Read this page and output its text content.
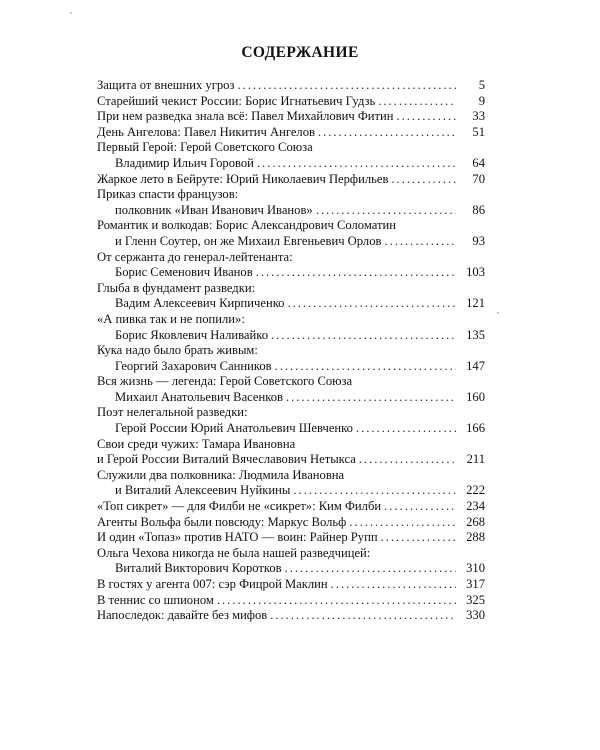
СОДЕРЖАНИЕ
Защита от внешних угроз .....	5
Старейший чекист России: Борис Игнатьевич Гудзь .....	9
При нем разведка знала всё: Павел Михайлович Фитин .....	33
День Ангелова: Павел Никитич Ангелов .....	51
Первый Герой: Герой Советского Союза
Владимир Ильич Горовой .....	64
Жаркое лето в Бейруте: Юрий Николаевич Перфильев .....	70
Приказ спасти французов:
полковник «Иван Иванович Иванов» .....	86
Романтик и волкодав: Борис Александрович Соломатин
и Гленн Соутер, он же Михаил Евгеньевич Орлов .....	93
От сержанта до генерал-лейтенанта:
Борис Семенович Иванов .....	103
Глыба в фундамент разведки:
Вадим Алексеевич Кирпиченко .....	121
«А пивка так и не попили»:
Борис Яковлевич Наливайко .....	135
Кука надо было брать живым:
Георгий Захарович Санников .....	147
Вся жизнь — легенда: Герой Советского Союза
Михаил Анатольевич Васенков .....	160
Поэт нелегальной разведки:
Герой России Юрий Анатольевич Шевченко .....	166
Свои среди чужих: Тамара Ивановна
и Герой России Виталий Вячеславович Нетыкса .....	211
Служили два полковника: Людмила Ивановна
и Виталий Алексеевич Нуйкины .....	222
«Топ сикрет» — для Филби не «сикрет»: Ким Филби .....	234
Агенты Вольфа были повсюду: Маркус Вольф .....	268
И один «Топаз» против НАТО — воин: Райнер Рупп .....	288
Ольга Чехова никогда не была нашей разведчицей:
Виталий Викторович Коротков .....	310
В гостях у агента 007: сэр Фицрой Маклин .....	317
В теннис со шпионом .....	325
Напоследок: давайте без мифов .....	330
